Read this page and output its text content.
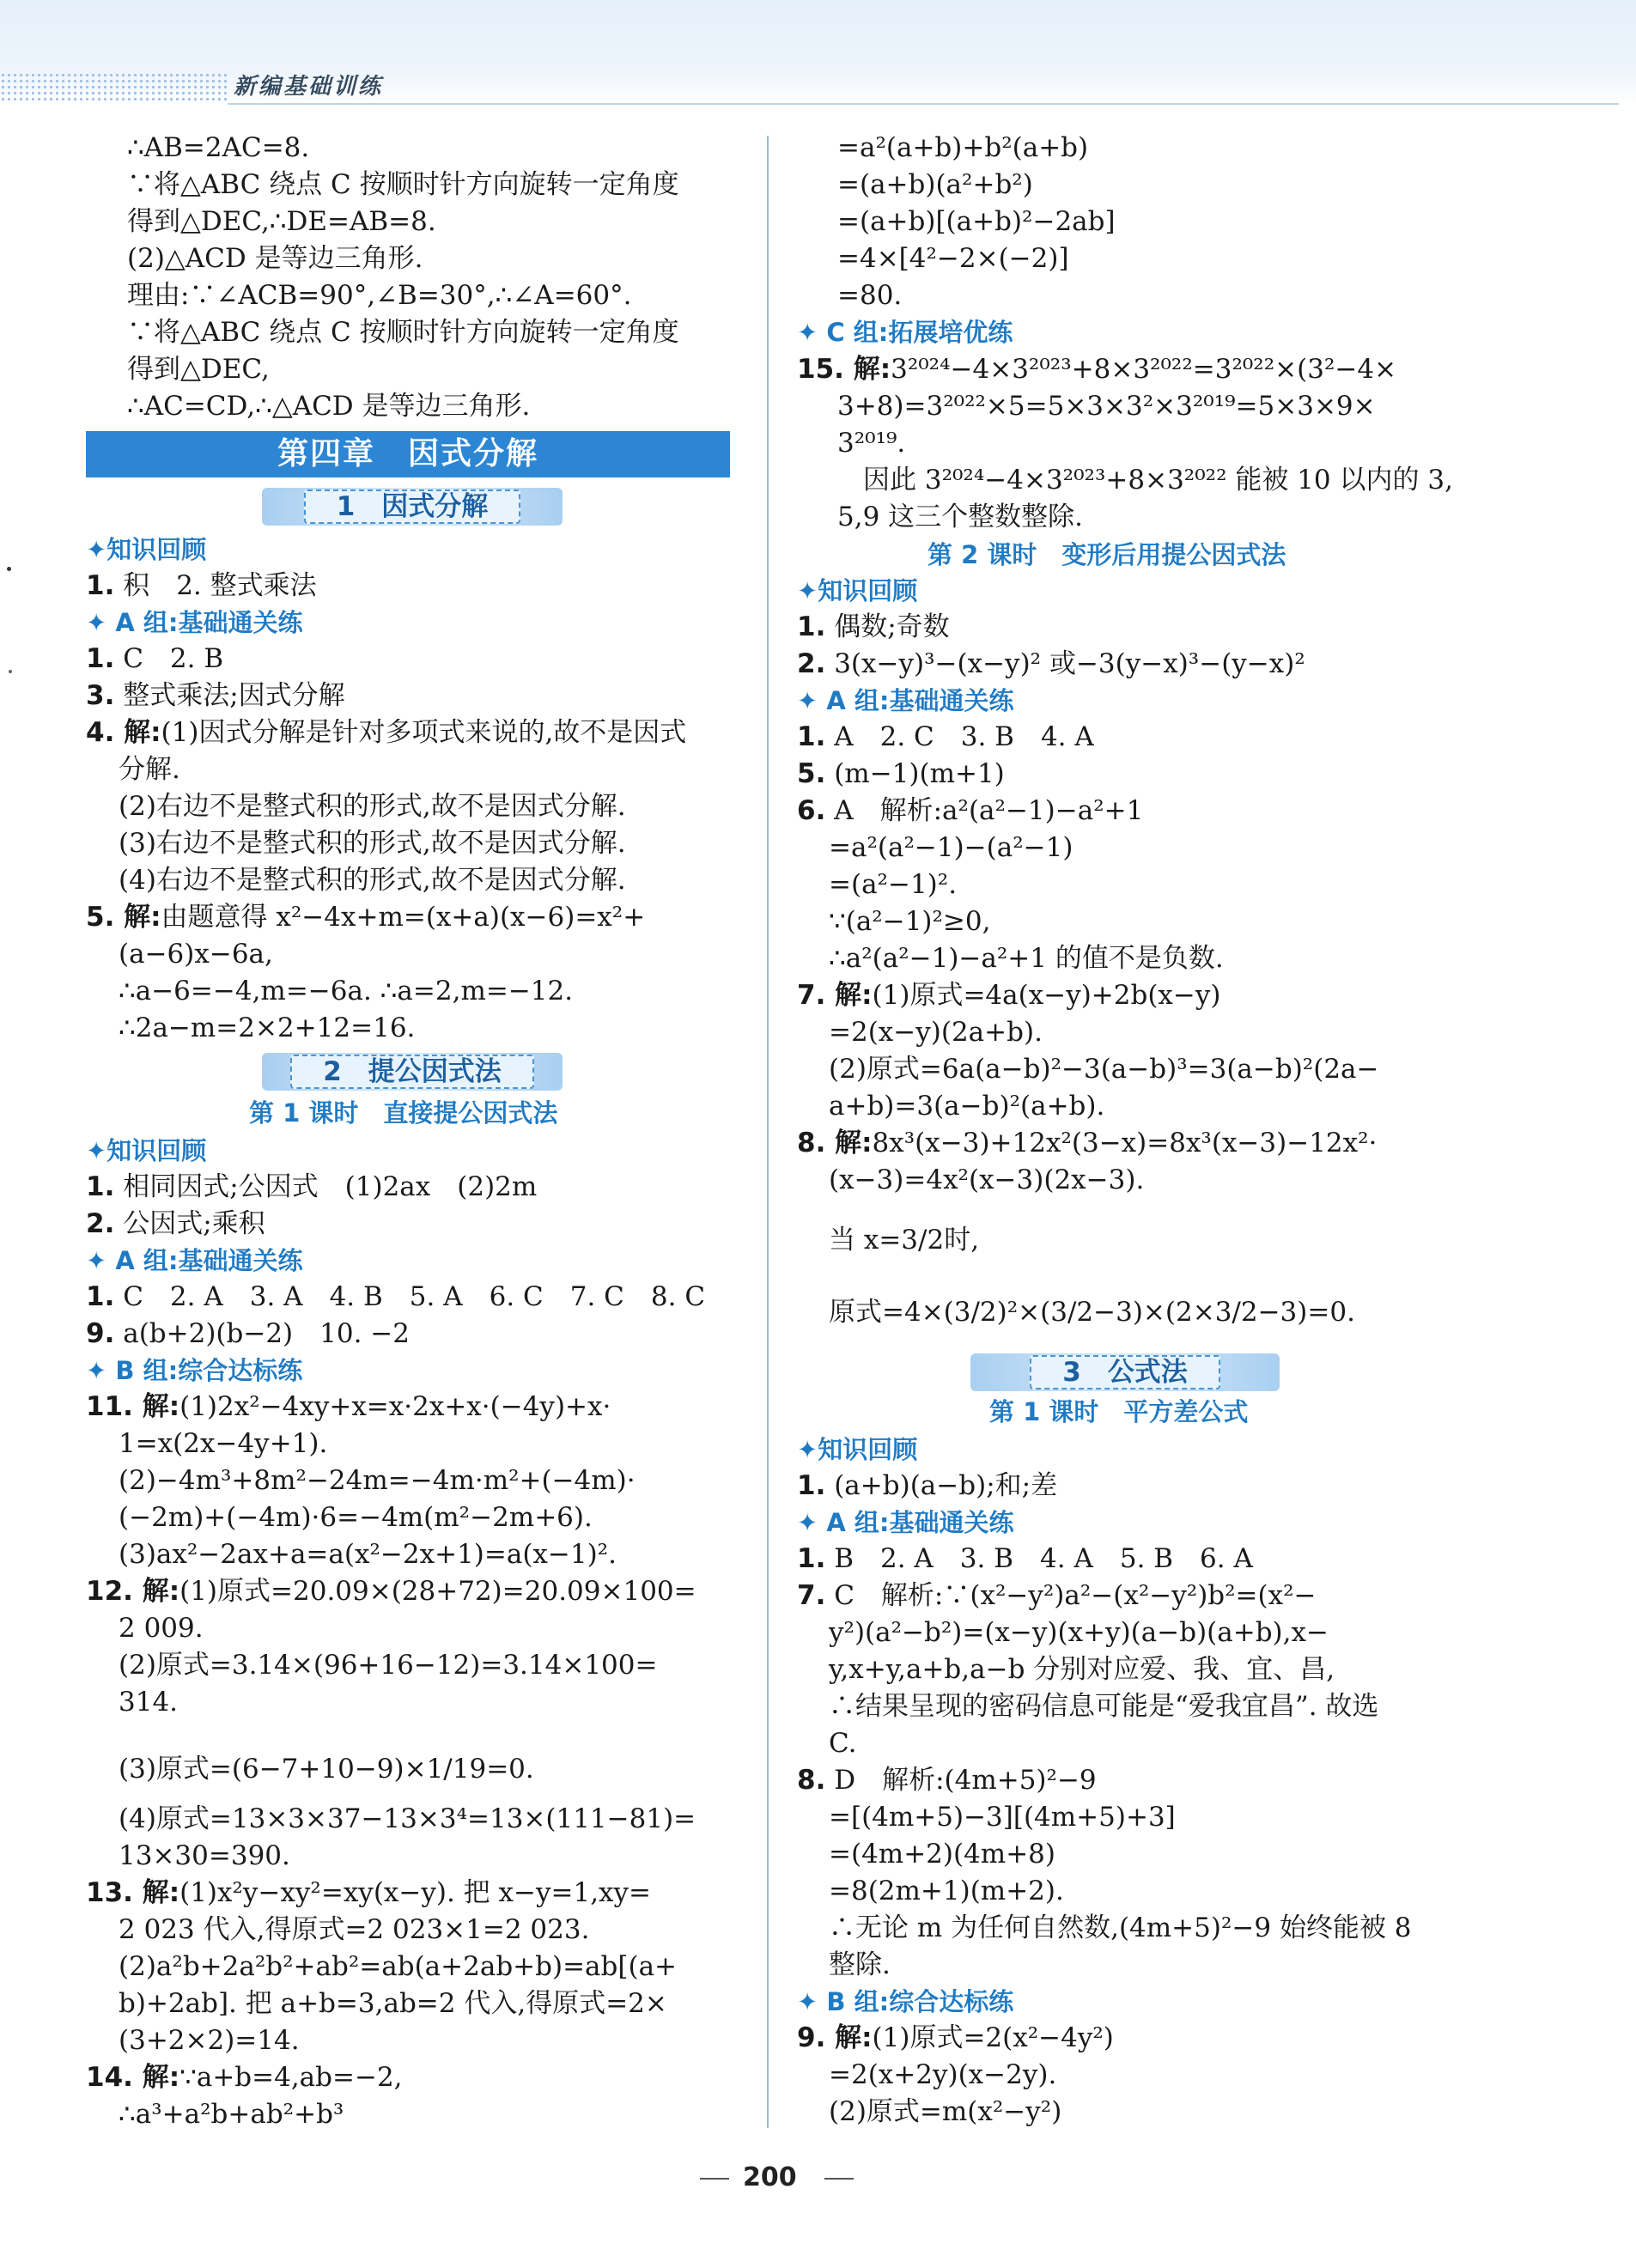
新编基础训练
第四章　因式分解
∴AB=2AC=8.
∵将△ABC 绕点 C 按顺时针方向旋转一定角度
得到△DEC,∴DE=AB=8.
(2)△ACD 是等边三角形.
理由:∵∠ACB=90°,∠B=30°,∴∠A=60°.
∵将△ABC 绕点 C 按顺时针方向旋转一定角度
得到△DEC,
∴AC=CD,∴△ACD 是等边三角形.
1　因式分解
✦知识回顾
1. 积　2. 整式乘法
✦ A 组:基础通关练
1. C　2. B
3. 整式乘法;因式分解
4. 解:(1)因式分解是针对多项式来说的,故不是因式
分解.
(2)右边不是整式积的形式,故不是因式分解.
(3)右边不是整式积的形式,故不是因式分解.
(4)右边不是整式积的形式,故不是因式分解.
5. 解:由题意得 x²−4x+m=(x+a)(x−6)=x²+
(a−6)x−6a,
∴a−6=−4,m=−6a. ∴a=2,m=−12.
∴2a−m=2×2+12=16.
2　提公因式法
第 1 课时　直接提公因式法
✦知识回顾
1. 相同因式;公因式　(1)2ax　(2)2m
2. 公因式;乘积
✦ A 组:基础通关练
1. C　2. A　3. A　4. B　5. A　6. C　7. C　8. C
9. a(b+2)(b−2)　10. −2
✦ B 组:综合达标练
11. 解:(1)2x²−4xy+x=x·2x+x·(−4y)+x·
1=x(2x−4y+1).
(2)−4m³+8m²−24m=−4m·m²+(−4m)·
(−2m)+(−4m)·6=−4m(m²−2m+6).
(3)ax²−2ax+a=a(x²−2x+1)=a(x−1)².
12. 解:(1)原式=20.09×(28+72)=20.09×100=
2 009.
(2)原式=3.14×(96+16−12)=3.14×100=
314.
(3)原式=(6−7+10−9)×1/19=0.
(4)原式=13×3×37−13×3⁴=13×(111−81)=
13×30=390.
13. 解:(1)x²y−xy²=xy(x−y). 把 x−y=1,xy=
2 023 代入,得原式=2 023×1=2 023.
(2)a²b+2a²b²+ab²=ab(a+2ab+b)=ab[(a+
b)+2ab]. 把 a+b=3,ab=2 代入,得原式=2×
(3+2×2)=14.
14. 解:∵a+b=4,ab=−2,
∴a³+a²b+ab²+b³
=a²(a+b)+b²(a+b)
=(a+b)(a²+b²)
=(a+b)[(a+b)²−2ab]
=4×[4²−2×(−2)]
=80.
✦ C 组:拓展培优练
15. 解:3²⁰²⁴−4×3²⁰²³+8×3²⁰²²=3²⁰²²×(3²−4×
3+8)=3²⁰²²×5=5×3×3²×3²⁰¹⁹=5×3×9×
3²⁰¹⁹.
因此 3²⁰²⁴−4×3²⁰²³+8×3²⁰²² 能被 10 以内的 3,
5,9 这三个整数整除.
第 2 课时　变形后用提公因式法
✦知识回顾
1. 偶数;奇数
2. 3(x−y)³−(x−y)² 或−3(y−x)³−(y−x)²
✦ A 组:基础通关练
1. A　2. C　3. B　4. A
5. (m−1)(m+1)
6. A　解析:a²(a²−1)−a²+1
=a²(a²−1)−(a²−1)
=(a²−1)².
∵(a²−1)²≥0,
∴a²(a²−1)−a²+1 的值不是负数.
7. 解:(1)原式=4a(x−y)+2b(x−y)
=2(x−y)(2a+b).
(2)原式=6a(a−b)²−3(a−b)³=3(a−b)²(2a−
a+b)=3(a−b)²(a+b).
8. 解:8x³(x−3)+12x²(3−x)=8x³(x−3)−12x²·
(x−3)=4x²(x−3)(2x−3).
当 x=3/2时,
原式=4×(3/2)²×(3/2−3)×(2×3/2−3)=0.
3　公式法
第 1 课时　平方差公式
✦知识回顾
1. (a+b)(a−b);和;差
✦ A 组:基础通关练
1. B　2. A　3. B　4. A　5. B　6. A
7. C　解析:∵(x²−y²)a²−(x²−y²)b²=(x²−
y²)(a²−b²)=(x−y)(x+y)(a−b)(a+b),x−
y,x+y,a+b,a−b 分别对应爱、我、宜、昌,
∴结果呈现的密码信息可能是“爱我宜昌”. 故选
C.
8. D　解析:(4m+5)²−9
=[(4m+5)−3][(4m+5)+3]
=(4m+2)(4m+8)
=8(2m+1)(m+2).
∴无论 m 为任何自然数,(4m+5)²−9 始终能被 8
整除.
✦ B 组:综合达标练
9. 解:(1)原式=2(x²−4y²)
=2(x+2y)(x−2y).
(2)原式=m(x²−y²)
200
